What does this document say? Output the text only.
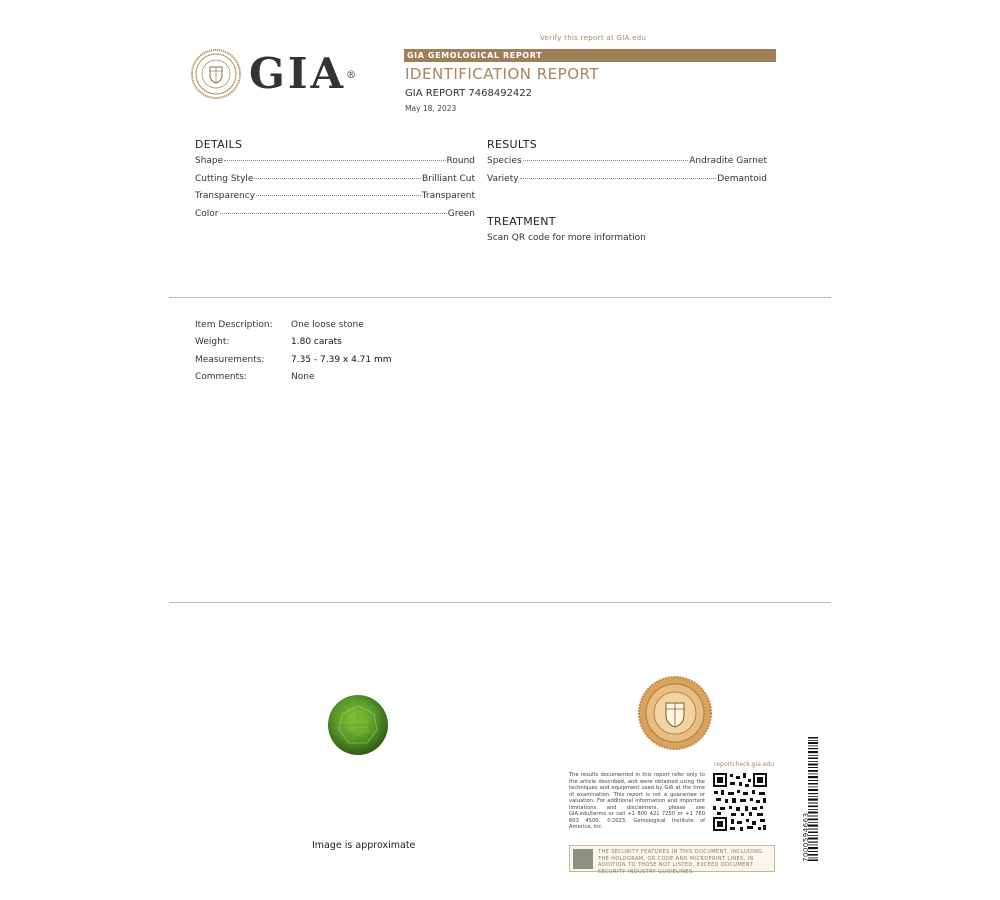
Verify this report at GIA.edu
GIA®
GIA GEMOLOGICAL REPORT
IDENTIFICATION REPORT
GIA REPORT 7468492422
May 18, 2023
DETAILS
Shape	Round
Cutting Style	Brilliant Cut
Transparency	Transparent
Color	Green
RESULTS
Species	Andradite Garnet
Variety	Demantoid
TREATMENT
Scan QR code for more information
Item Description:	One loose stone
Weight:	1.80 carats
Measurements:	7.35 - 7.39 x 4.71 mm
Comments:	None
Image is approximate
reportcheck.gia.edu
The results documented in this report refer only to the article described, and were obtained using the techniques and equipment used by GIA at the time of examination. This report is not a guarantee or valuation. For additional information and important limitations and disclaimers, please see GIA.edu/terms or call +1 800 421 7250 or +1 760 603 4500. ©2023, Gemological Institute of America, Inc.
THE SECURITY FEATURES IN THIS DOCUMENT, INCLUDING THE HOLOGRAM, QR CODE AND MICROPRINT LINES, IN ADDITION TO THOSE NOT LISTED, EXCEED DOCUMENT SECURITY INDUSTRY GUIDELINES.
7000594663
